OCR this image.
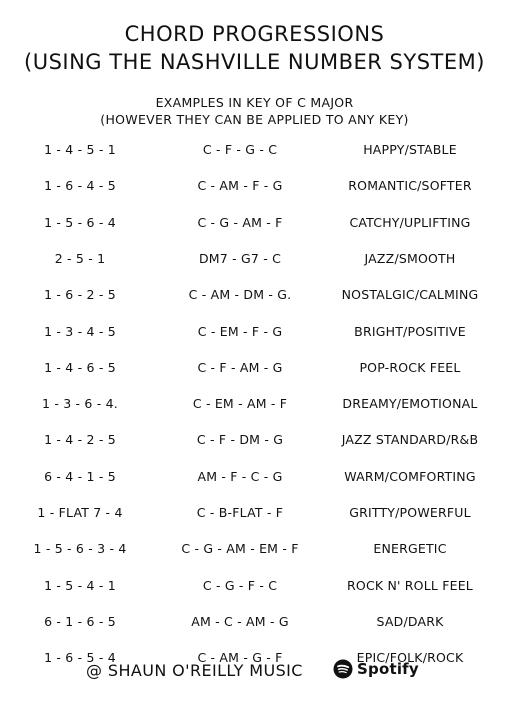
CHORD PROGRESSIONS
(USING THE NASHVILLE NUMBER SYSTEM)
EXAMPLES IN KEY OF C MAJOR
(HOWEVER THEY CAN BE APPLIED TO ANY KEY)
1 - 4 - 5 - 1	C - F - G - C	HAPPY/STABLE
1 - 6 - 4 - 5	C - AM - F - G	ROMANTIC/SOFTER
1 - 5 - 6 - 4	C - G - AM - F	CATCHY/UPLIFTING
2 - 5 - 1	DM7 - G7 - C	JAZZ/SMOOTH
1 - 6 - 2 - 5	C - AM - DM - G.	NOSTALGIC/CALMING
1 - 3 - 4 - 5	C - EM - F - G	BRIGHT/POSITIVE
1 - 4 - 6 - 5	C - F - AM - G	POP-ROCK FEEL
1 - 3 - 6 - 4.	C - EM - AM - F	DREAMY/EMOTIONAL
1 - 4 - 2 - 5	C - F - DM - G	JAZZ STANDARD/R&B
6 - 4 - 1 - 5	AM - F - C - G	WARM/COMFORTING
1 - FLAT 7 - 4	C - B-FLAT - F	GRITTY/POWERFUL
1 - 5 - 6 - 3 - 4	C - G - AM - EM - F	ENERGETIC
1 - 5 - 4 - 1	C - G - F - C	ROCK N' ROLL FEEL
6 - 1 - 6 - 5	AM - C - AM - G	SAD/DARK
1 - 6 - 5 - 4	C - AM - G - F	EPIC/FOLK/ROCK
@ SHAUN O'REILLY MUSIC	Spotify
